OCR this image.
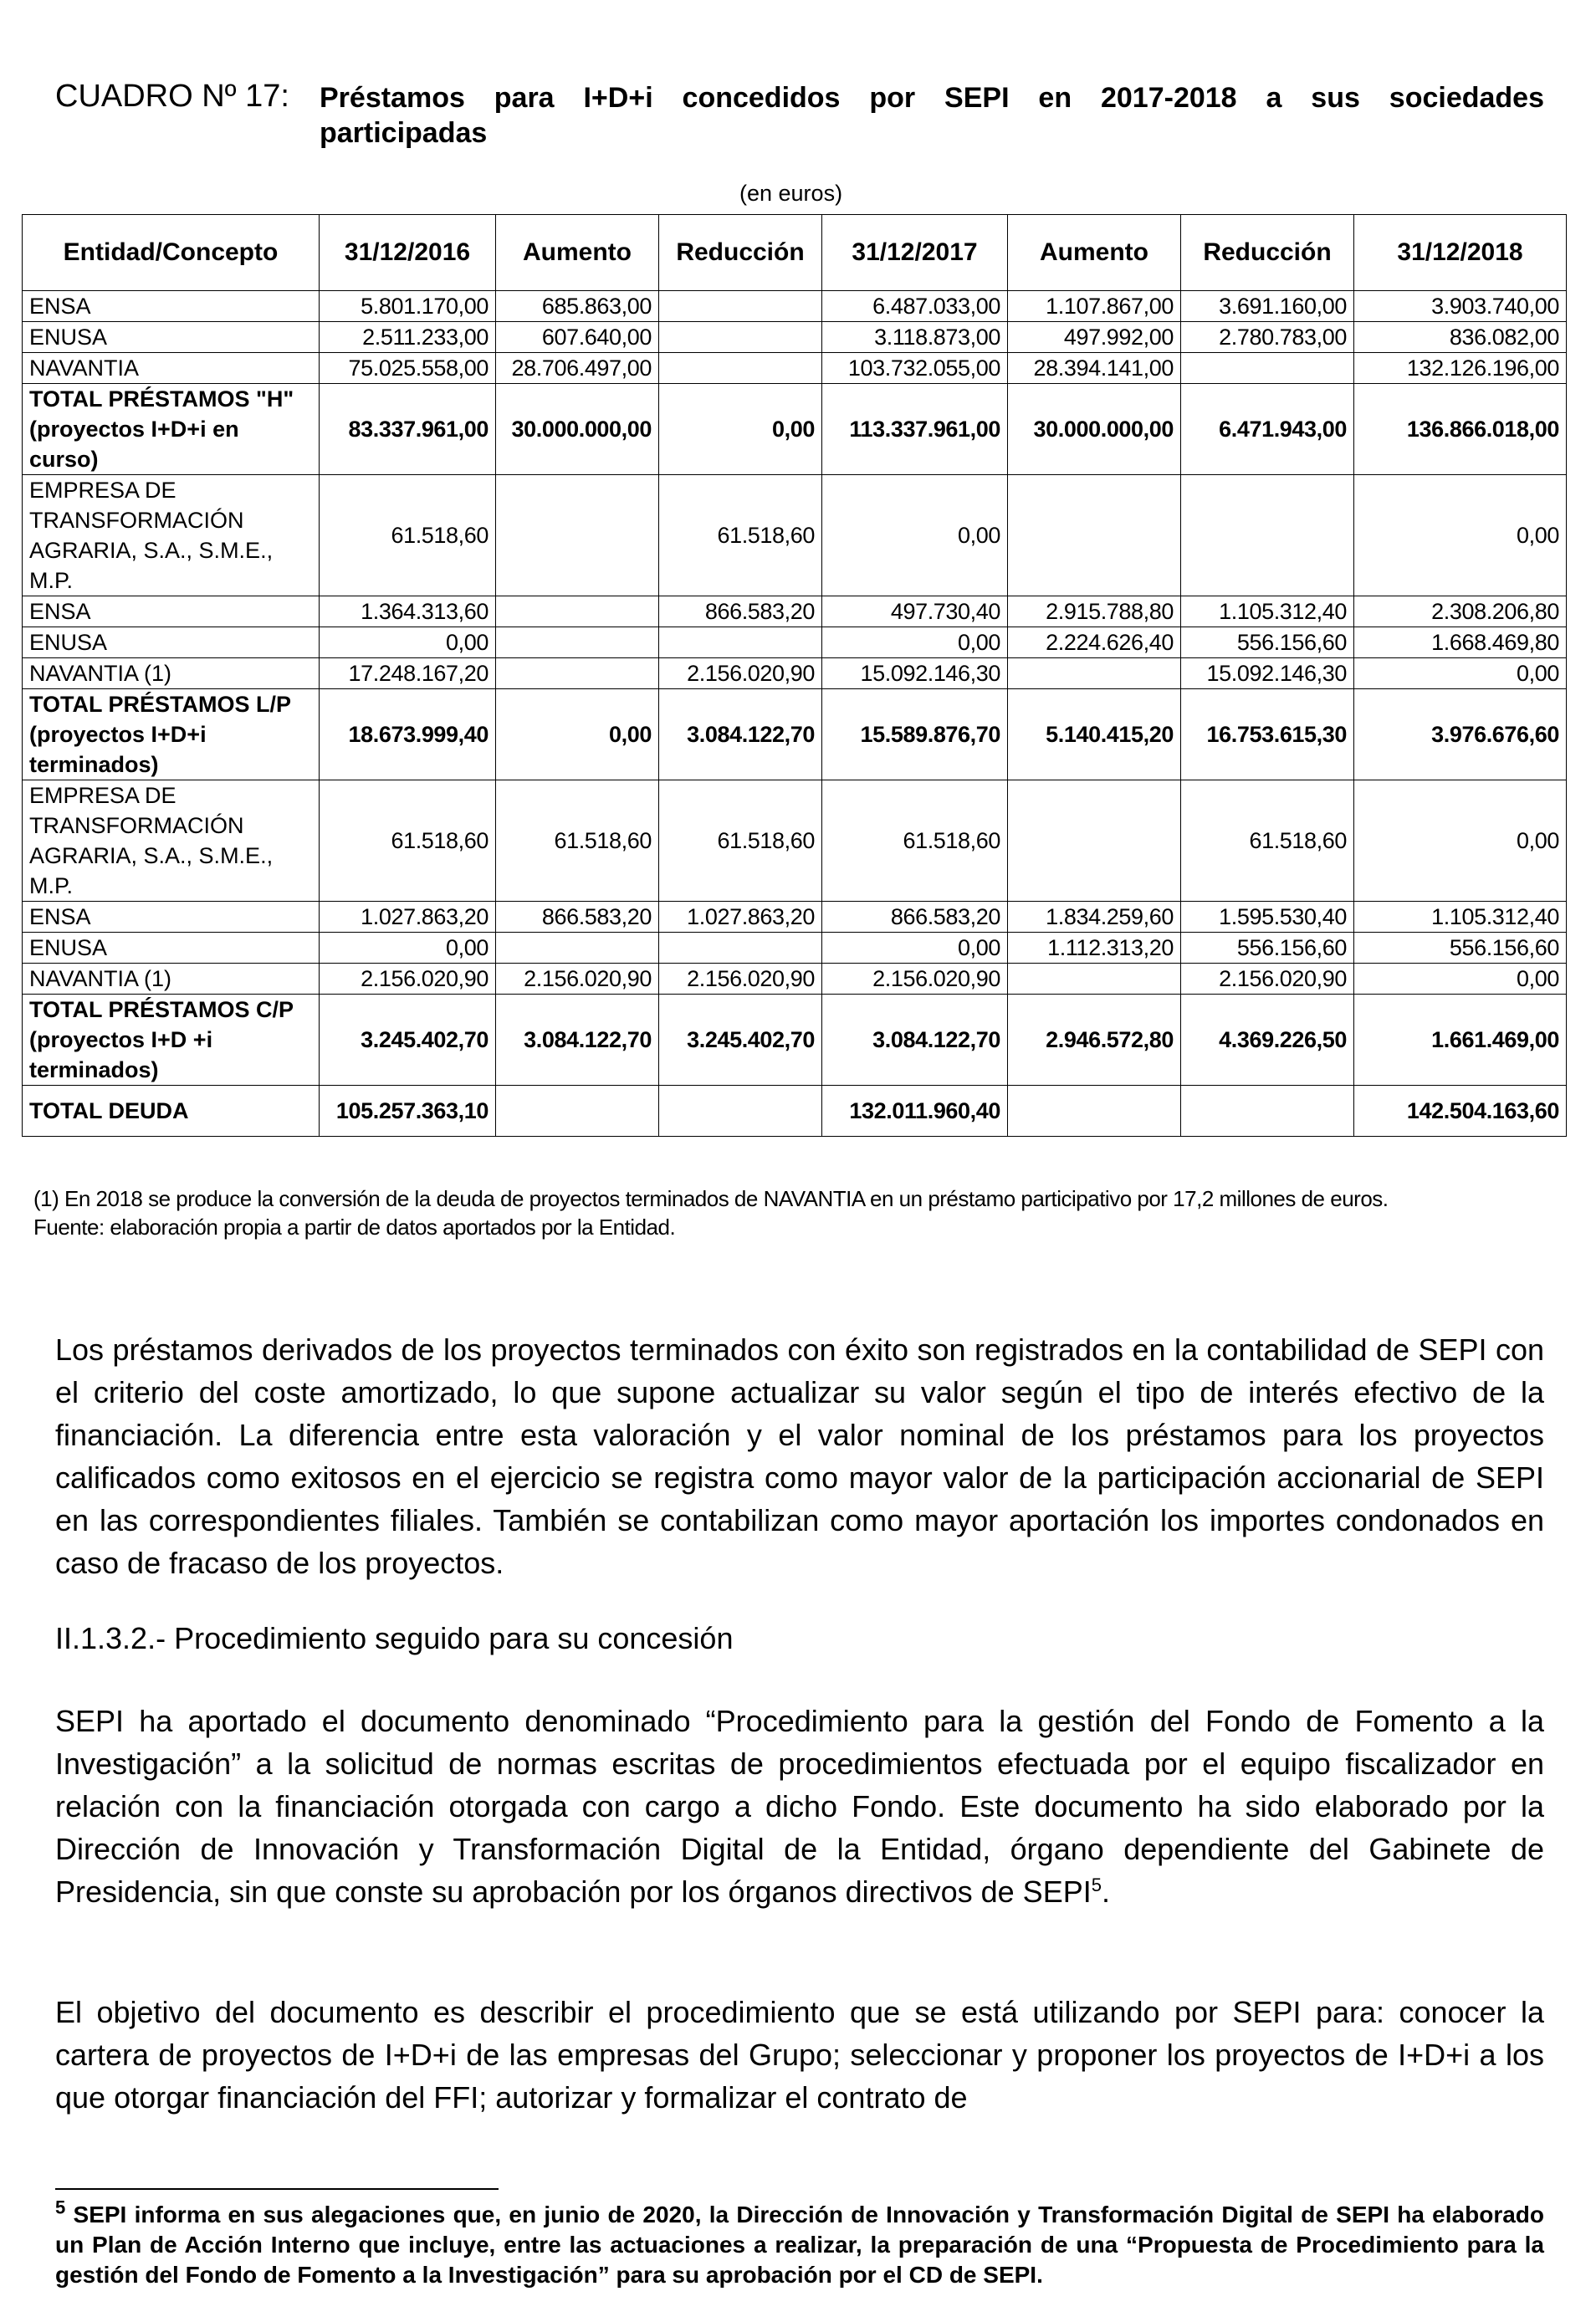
CUADRO Nº 17: Préstamos para I+D+i concedidos por SEPI en 2017-2018 a sus sociedades
participadas
(en euros)
Entidad/Concepto	31/12/2016	Aumento	Reducción	31/12/2017	Aumento	Reducción	31/12/2018
ENSA	5.801.170,00	685.863,00		6.487.033,00	1.107.867,00	3.691.160,00	3.903.740,00
ENUSA	2.511.233,00	607.640,00		3.118.873,00	497.992,00	2.780.783,00	836.082,00
NAVANTIA	75.025.558,00	28.706.497,00		103.732.055,00	28.394.141,00		132.126.196,00
TOTAL PRÉSTAMOS "H" (proyectos I+D+i en curso)	83.337.961,00	30.000.000,00	0,00	113.337.961,00	30.000.000,00	6.471.943,00	136.866.018,00
EMPRESA DE TRANSFORMACIÓN AGRARIA, S.A., S.M.E., M.P.	61.518,60		61.518,60	0,00			0,00
ENSA	1.364.313,60		866.583,20	497.730,40	2.915.788,80	1.105.312,40	2.308.206,80
ENUSA	0,00			0,00	2.224.626,40	556.156,60	1.668.469,80
NAVANTIA (1)	17.248.167,20		2.156.020,90	15.092.146,30		15.092.146,30	0,00
TOTAL PRÉSTAMOS L/P (proyectos I+D+i terminados)	18.673.999,40	0,00	3.084.122,70	15.589.876,70	5.140.415,20	16.753.615,30	3.976.676,60
EMPRESA DE TRANSFORMACIÓN AGRARIA, S.A., S.M.E., M.P.	61.518,60	61.518,60	61.518,60	61.518,60		61.518,60	0,00
ENSA	1.027.863,20	866.583,20	1.027.863,20	866.583,20	1.834.259,60	1.595.530,40	1.105.312,40
ENUSA	0,00			0,00	1.112.313,20	556.156,60	556.156,60
NAVANTIA (1)	2.156.020,90	2.156.020,90	2.156.020,90	2.156.020,90		2.156.020,90	0,00
TOTAL PRÉSTAMOS C/P (proyectos I+D +i terminados)	3.245.402,70	3.084.122,70	3.245.402,70	3.084.122,70	2.946.572,80	4.369.226,50	1.661.469,00
TOTAL DEUDA	105.257.363,10			132.011.960,40			142.504.163,60
(1) En 2018 se produce la conversión de la deuda de proyectos terminados de NAVANTIA en un préstamo participativo por 17,2 millones de euros.
Fuente: elaboración propia a partir de datos aportados por la Entidad.
Los préstamos derivados de los proyectos terminados con éxito son registrados en la contabilidad de SEPI con el criterio del coste amortizado, lo que supone actualizar su valor según el tipo de interés efectivo de la financiación. La diferencia entre esta valoración y el valor nominal de los préstamos para los proyectos calificados como exitosos en el ejercicio se registra como mayor valor de la participación accionarial de SEPI en las correspondientes filiales. También se contabilizan como mayor aportación los importes condonados en caso de fracaso de los proyectos.
II.1.3.2.- Procedimiento seguido para su concesión
SEPI ha aportado el documento denominado “Procedimiento para la gestión del Fondo de Fomento a la Investigación” a la solicitud de normas escritas de procedimientos efectuada por el equipo fiscalizador en relación con la financiación otorgada con cargo a dicho Fondo. Este documento ha sido elaborado por la Dirección de Innovación y Transformación Digital de la Entidad, órgano dependiente del Gabinete de Presidencia, sin que conste su aprobación por los órganos directivos de SEPI$^5$.
El objetivo del documento es describir el procedimiento que se está utilizando por SEPI para: conocer la cartera de proyectos de I+D+i de las empresas del Grupo; seleccionar y proponer los proyectos de I+D+i a los que otorgar financiación del FFI; autorizar y formalizar el contrato de
$^5$ SEPI informa en sus alegaciones que, en junio de 2020, la Dirección de Innovación y Transformación Digital de SEPI ha elaborado un Plan de Acción Interno que incluye, entre las actuaciones a realizar, la preparación de una “Propuesta de Procedimiento para la gestión del Fondo de Fomento a la Investigación” para su aprobación por el CD de SEPI.
